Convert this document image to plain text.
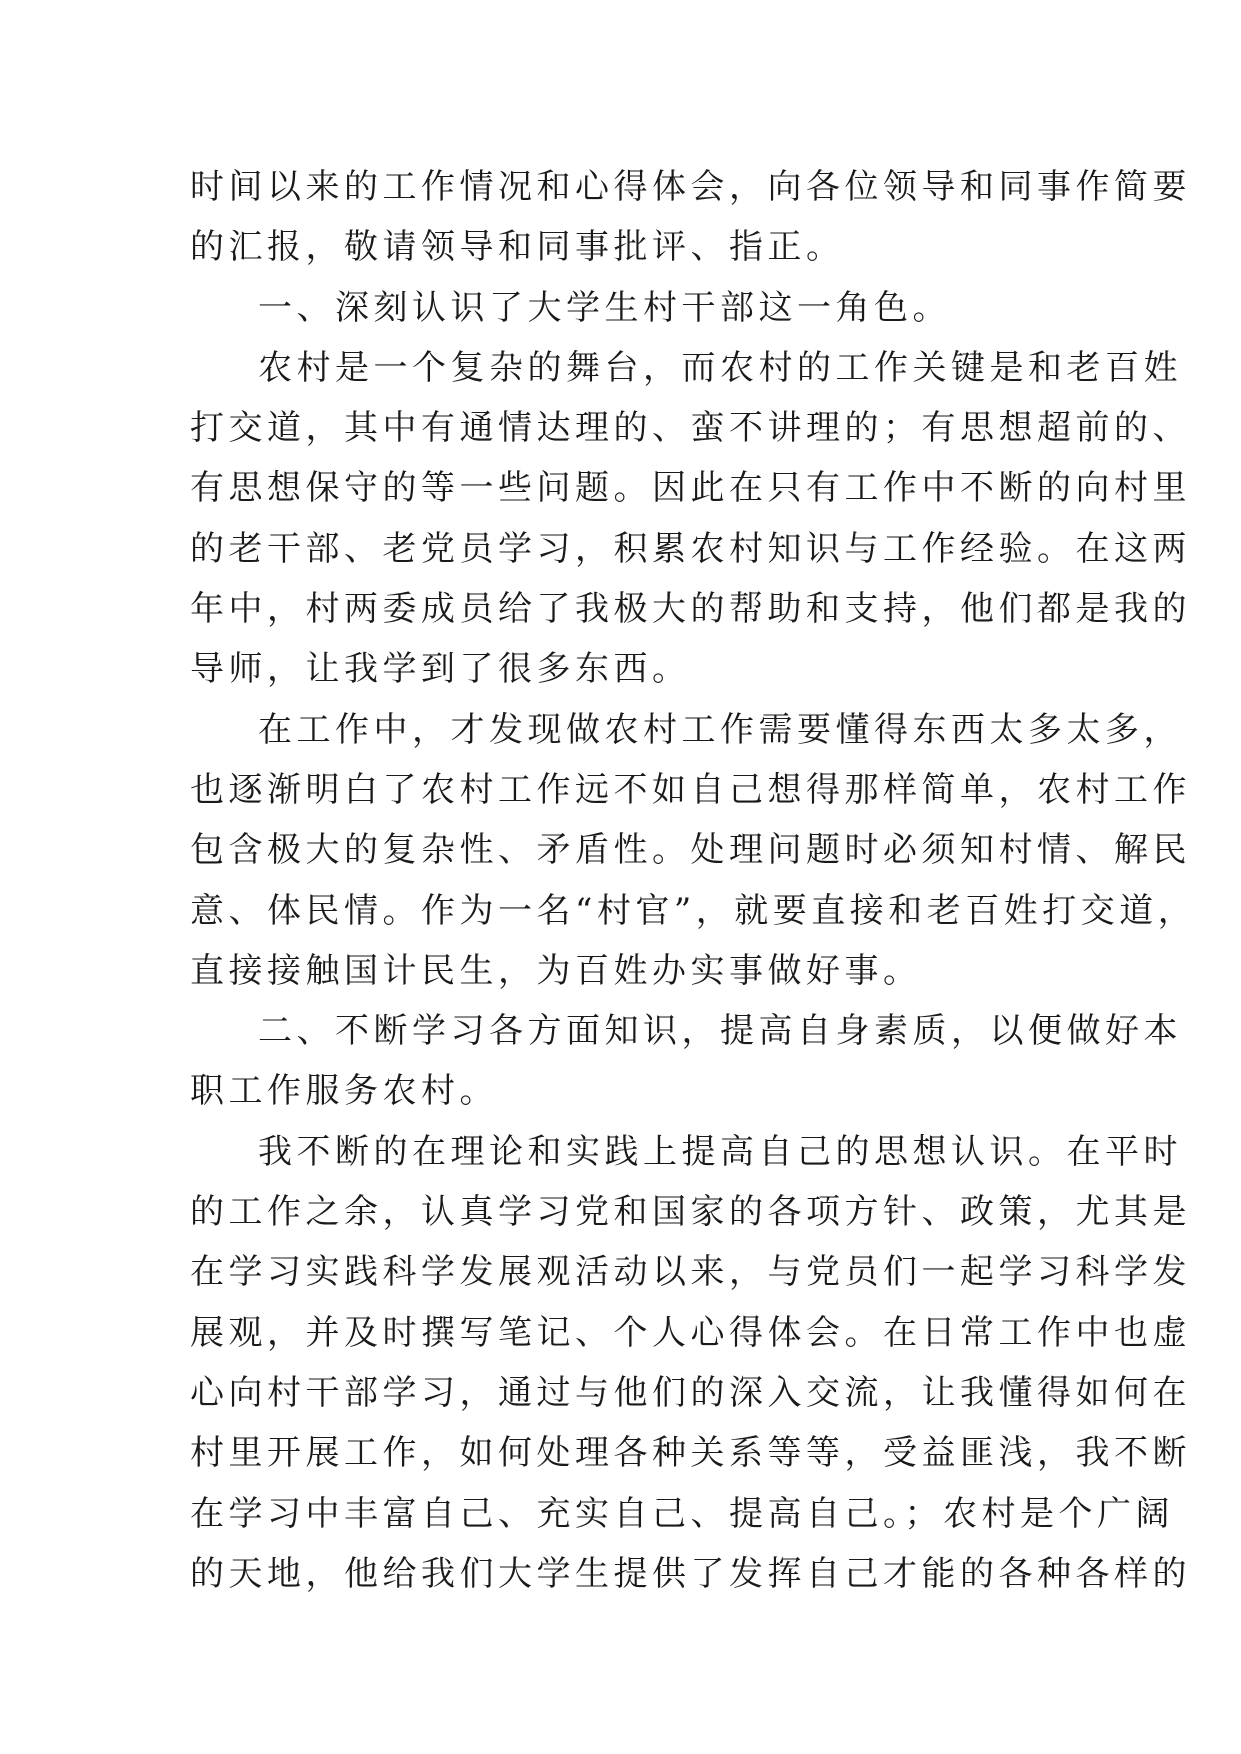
时间以来的工作情况和心得体会，向各位领导和同事作简要
的汇报，敬请领导和同事批评、指正。
一、深刻认识了大学生村干部这一角色。
农村是一个复杂的舞台，而农村的工作关键是和老百姓
打交道，其中有通情达理的、蛮不讲理的；有思想超前的、
有思想保守的等一些问题。因此在只有工作中不断的向村里
的老干部、老党员学习，积累农村知识与工作经验。在这两
年中，村两委成员给了我极大的帮助和支持，他们都是我的
导师，让我学到了很多东西。
在工作中，才发现做农村工作需要懂得东西太多太多，
也逐渐明白了农村工作远不如自己想得那样简单，农村工作
包含极大的复杂性、矛盾性。处理问题时必须知村情、解民
意、体民情。作为一名“村官”，就要直接和老百姓打交道，
直接接触国计民生，为百姓办实事做好事。
二、不断学习各方面知识，提高自身素质，以便做好本
职工作服务农村。
我不断的在理论和实践上提高自己的思想认识。在平时
的工作之余，认真学习党和国家的各项方针、政策，尤其是
在学习实践科学发展观活动以来，与党员们一起学习科学发
展观，并及时撰写笔记、个人心得体会。在日常工作中也虚
心向村干部学习，通过与他们的深入交流，让我懂得如何在
村里开展工作，如何处理各种关系等等，受益匪浅，我不断
在学习中丰富自己、充实自己、提高自己。；农村是个广阔
的天地，他给我们大学生提供了发挥自己才能的各种各样的
